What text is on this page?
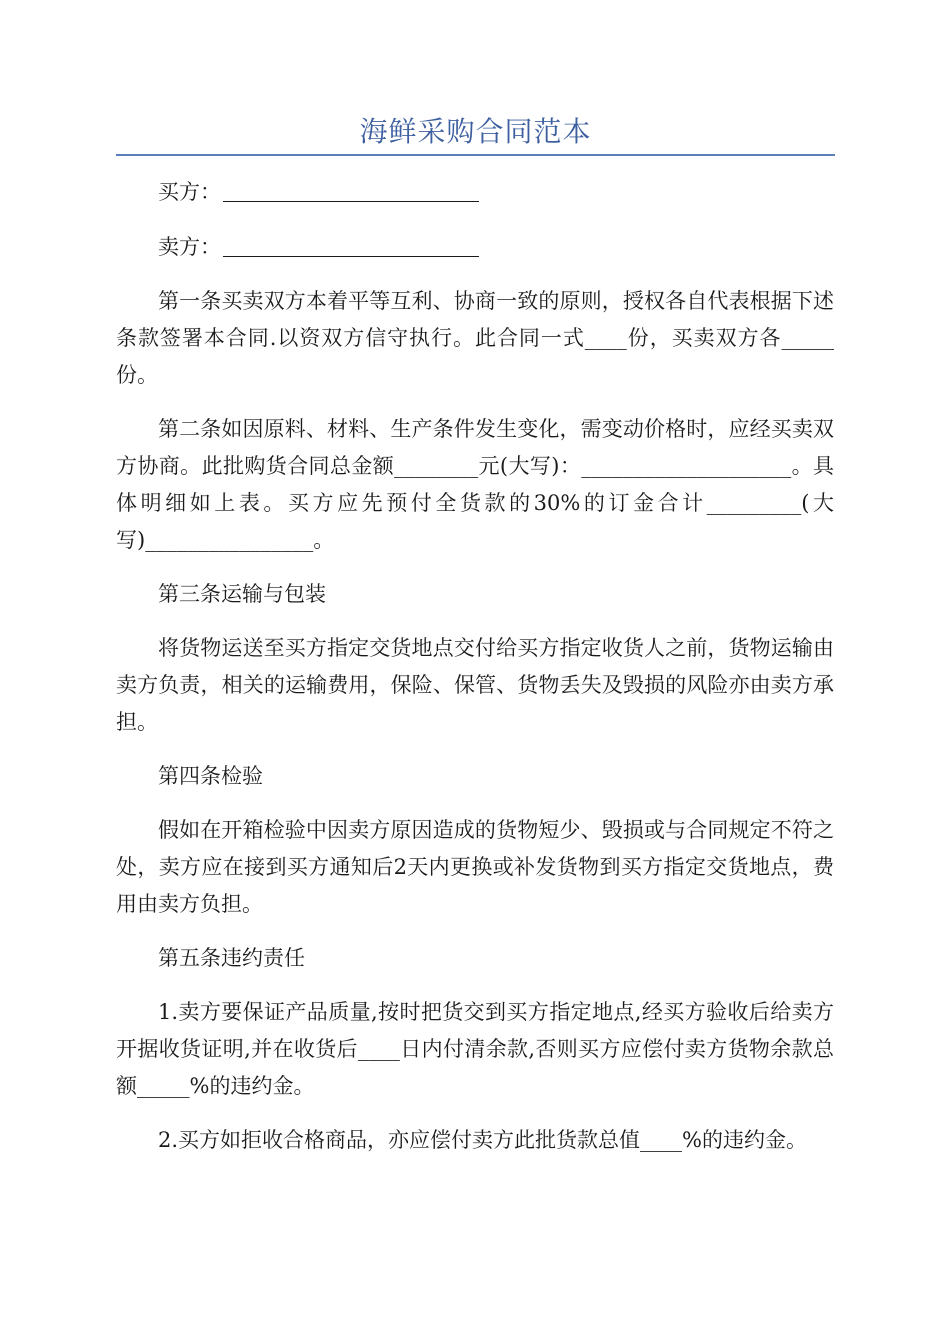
海鲜采购合同范本

买方：

卖方：

第一条买卖双方本着平等互利、协商一致的原则，授权各自代表根据下述条款签署本合同.以资双方信守执行。此合同一式____份，买卖双方各_____份。

第二条如因原料、材料、生产条件发生变化，需变动价格时，应经买卖双方协商。此批购货合同总金额________元(大写)：____________________。具体明细如上表。买方应先预付全货款的30%的订金合计_________(大写)________________。

第三条运输与包装

将货物运送至买方指定交货地点交付给买方指定收货人之前，货物运输由卖方负责，相关的运输费用，保险、保管、货物丢失及毁损的风险亦由卖方承担。

第四条检验

假如在开箱检验中因卖方原因造成的货物短少、毁损或与合同规定不符之处，卖方应在接到买方通知后2天内更换或补发货物到买方指定交货地点，费用由卖方负担。

第五条违约责任

1.卖方要保证产品质量,按时把货交到买方指定地点,经买方验收后给卖方开据收货证明,并在收货后____日内付清余款,否则买方应偿付卖方货物余款总额_____%的违约金。

2.买方如拒收合格商品，亦应偿付卖方此批货款总值____%的违约金。
